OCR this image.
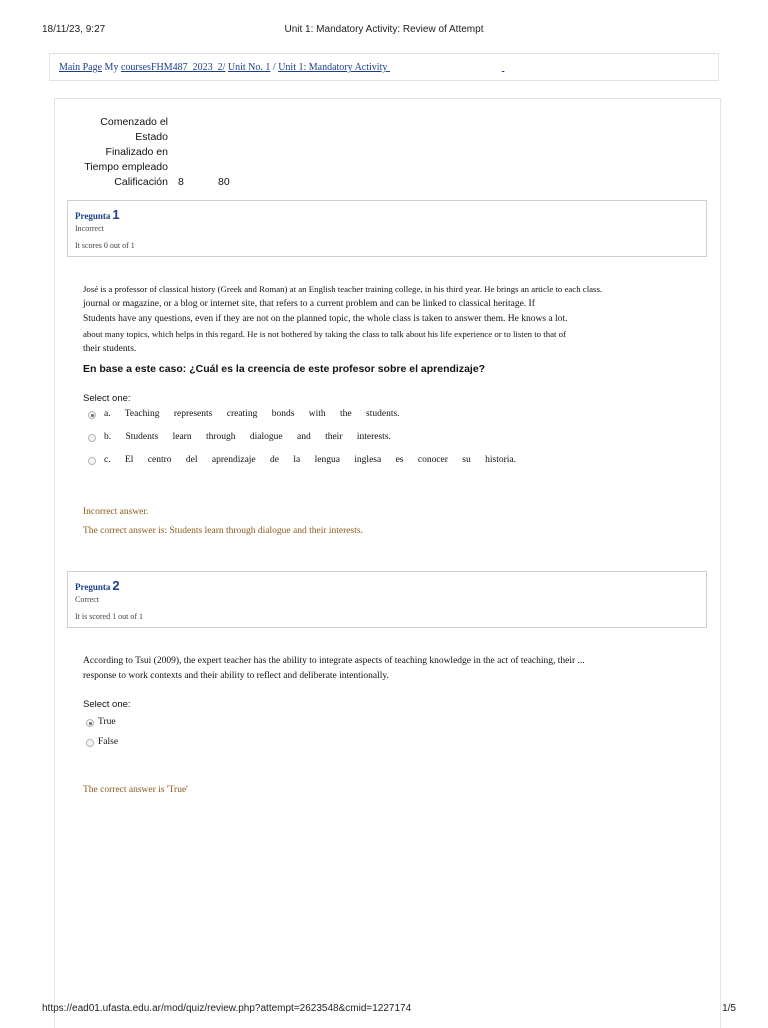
18/11/23, 9:27	Unit 1: Mandatory Activity: Review of Attempt
Main Page My coursesFHM487_2023_2/ Unit No. 1 / Unit 1: Mandatory Activity
Comenzado el
Estado
Finalizado en
Tiempo empleado
Calificación 8	80
Pregunta 1
Incorrect
It scores 0 out of 1
José is a professor of classical history (Greek and Roman) at an English teacher training college, in his third year. He brings an article to each class.
journal or magazine, or a blog or internet site, that refers to a current problem and can be linked to classical heritage. If
Students have any questions, even if they are not on the planned topic, the whole class is taken to answer them. He knows a lot.
about many topics, which helps in this regard. He is not bothered by taking the class to talk about his life experience or to listen to that of
their students.
En base a este caso: ¿Cuál es la creencia de este profesor sobre el aprendizaje?
Select one:
a. Teaching represents creating bonds with the students.
b. Students learn through dialogue and their interests.
c. El centro del aprendizaje de la lengua inglesa es conocer su historia.
Incorrect answer.
The correct answer is: Students learn through dialogue and their interests.
Pregunta 2
Correct
It is scored 1 out of 1
According to Tsui (2009), the expert teacher has the ability to integrate aspects of teaching knowledge in the act of teaching, their ...
response to work contexts and their ability to reflect and deliberate intentionally.
Select one:
True
False
The correct answer is 'True'
https://ead01.ufasta.edu.ar/mod/quiz/review.php?attempt=2623548&cmid=1227174	1/5
